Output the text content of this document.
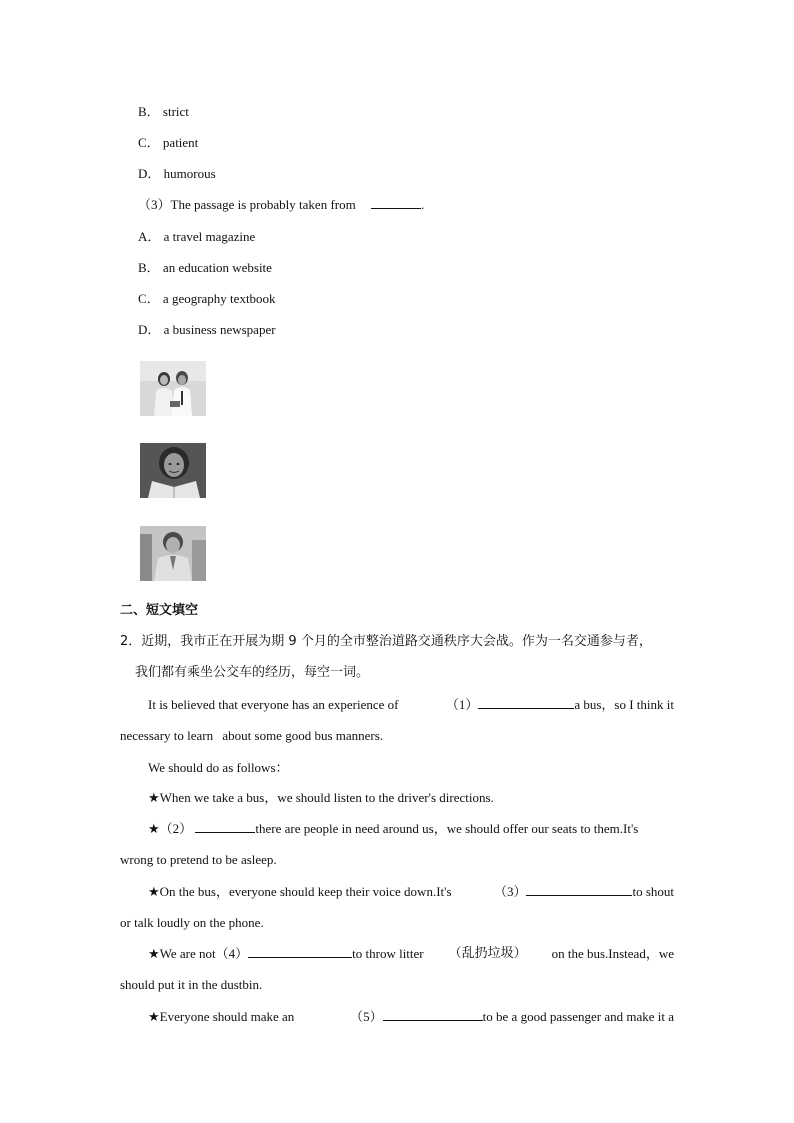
B． strict
C． patient
D． humorous
（3）The passage is probably taken from	.
A． a travel magazine
B． an education website
C． a geography textbook
D． a business newspaper
二、短文填空
2．近期，我市正在开展为期 9 个月的全市整治道路交通秩序大会战。作为一名交通参与者，
我们都有乘坐公交车的经历，每空一词。
It is believed that everyone has an experience of	（1）	a bus，so I think it
necessary to learn about some good bus manners.
We should do as follows：
★When we take a bus，we should listen to the driver's directions.
★（2）	there are people in need around us，we should offer our seats to them.It's
wrong to pretend to be asleep.
★On the bus，everyone should keep their voice down.It's	（3）	to shout
or talk loudly on the phone.
★We are not（4）	to throw litter （乱扔垃圾） on the bus.Instead，we
should put it in the dustbin.
★Everyone should make an	（5）	to be a good passenger and make it a
